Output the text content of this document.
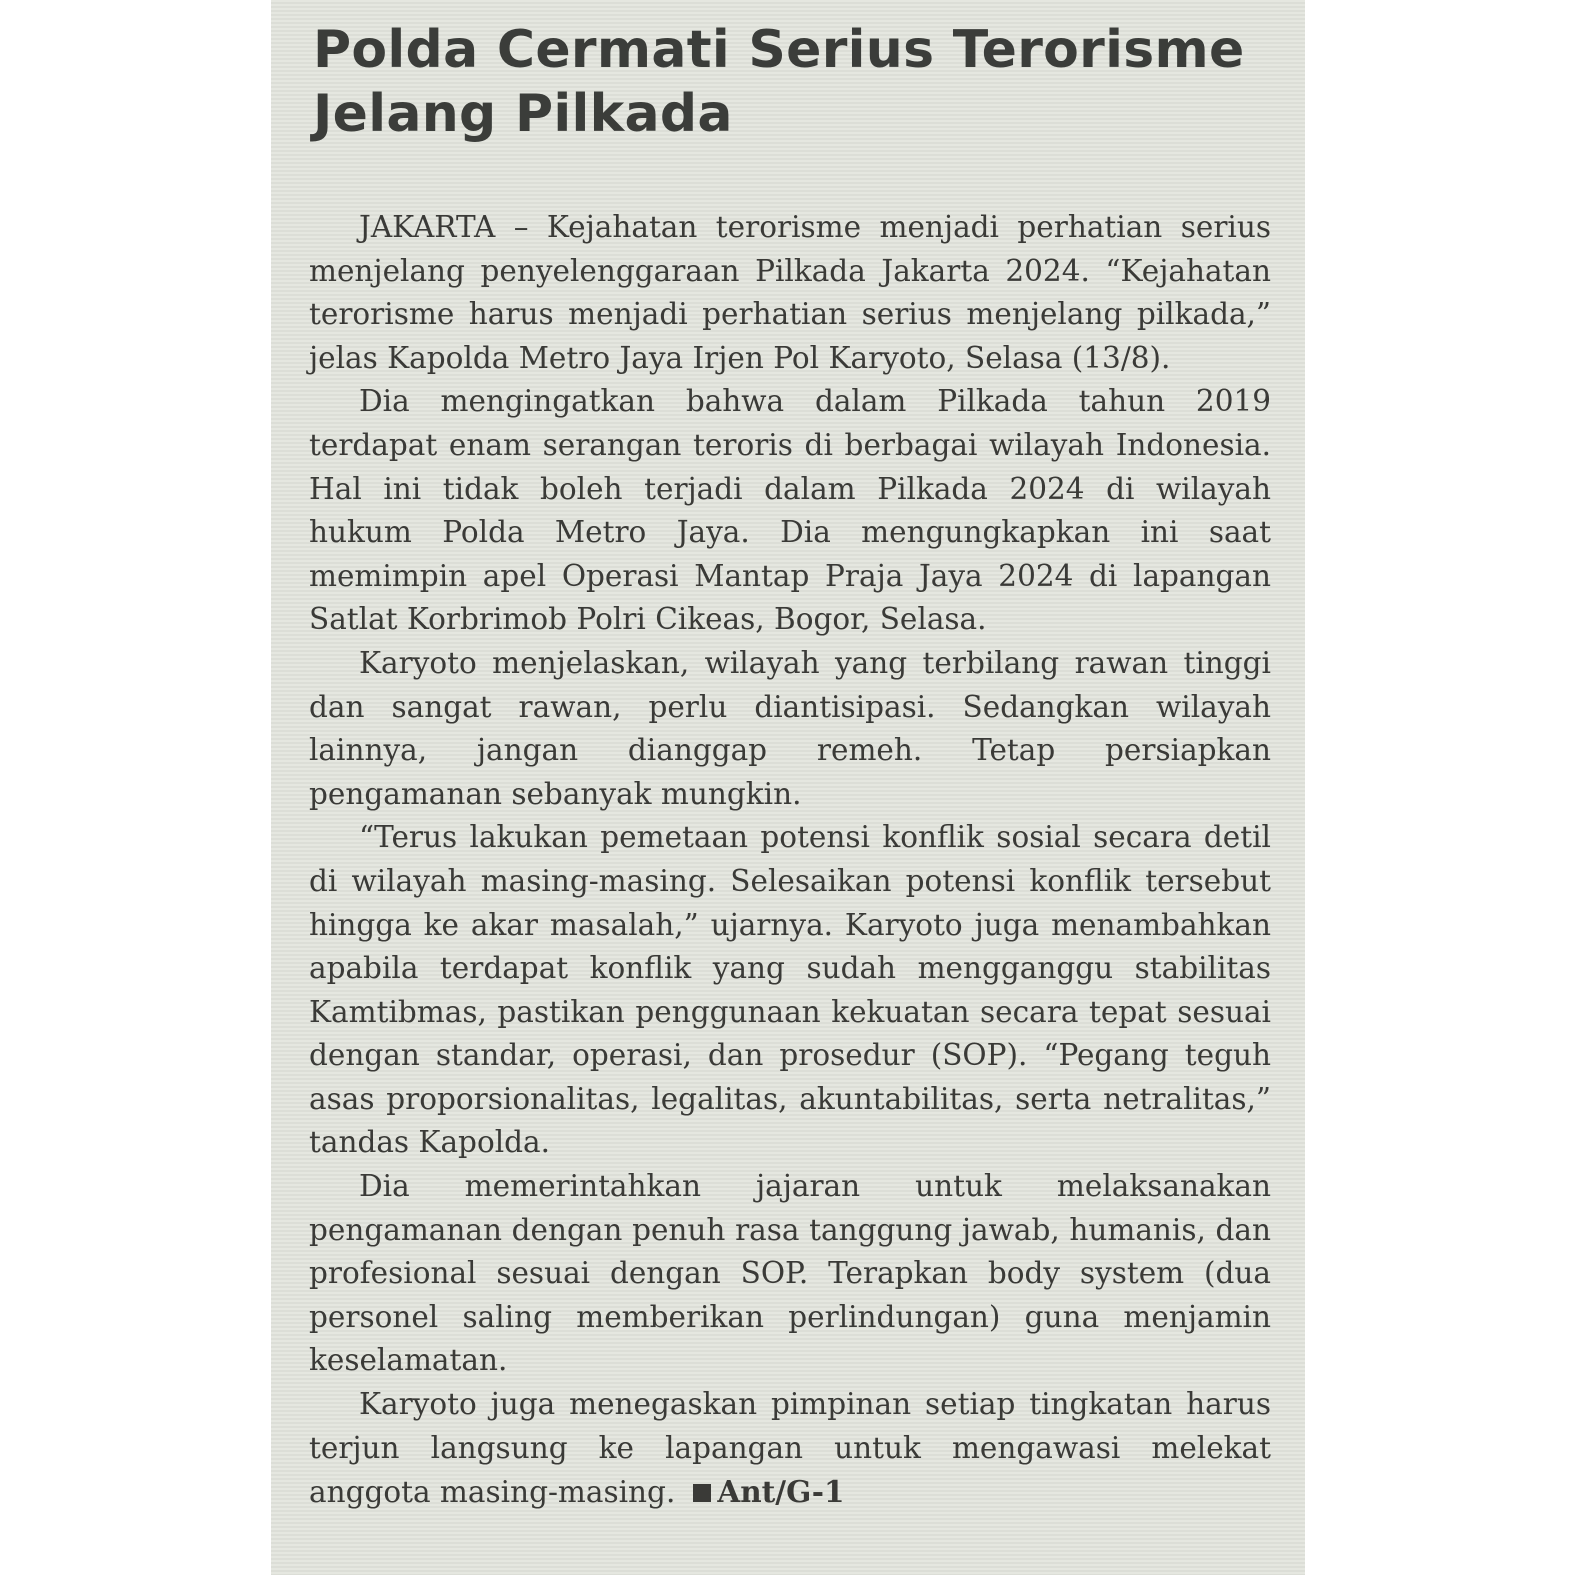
Polda Cermati Serius Terorisme Jelang Pilkada

JAKARTA – Kejahatan terorisme menjadi perhatian serius menjelang penyelenggaraan Pilkada Jakarta 2024. “Kejahatan terorisme harus menjadi perhatian serius menjelang pilkada,” jelas Kapolda Metro Jaya Irjen Pol Karyoto, Selasa (13/8).

Dia mengingatkan bahwa dalam Pilkada tahun 2019 terdapat enam serangan teroris di berbagai wilayah Indonesia. Hal ini tidak boleh terjadi dalam Pilkada 2024 di wilayah hukum Polda Metro Jaya. Dia mengungkapkan ini saat memimpin apel Operasi Mantap Praja Jaya 2024 di lapangan Satlat Korbrimob Polri Cikeas, Bogor, Selasa.

Karyoto menjelaskan, wilayah yang terbilang rawan tinggi dan sangat rawan, perlu diantisipasi. Sedangkan wilayah lainnya, jangan dianggap remeh. Tetap persiapkan pengamanan sebanyak mungkin.

“Terus lakukan pemetaan potensi konflik sosial secara detil di wilayah masing-masing. Selesaikan potensi konflik tersebut hingga ke akar masalah,” ujarnya. Karyoto juga menambahkan apabila terdapat konflik yang sudah mengganggu stabilitas Kamtibmas, pastikan penggunaan kekuatan secara tepat sesuai dengan standar, operasi, dan prosedur (SOP). “Pegang teguh asas proporsionalitas, legalitas, akuntabilitas, serta netralitas,” tandas Kapolda.

Dia memerintahkan jajaran untuk melaksanakan pengamanan dengan penuh rasa tanggung jawab, humanis, dan profesional sesuai dengan SOP. Terapkan body system (dua personel saling memberikan perlindungan) guna menjamin keselamatan.

Karyoto juga menegaskan pimpinan setiap tingkatan harus terjun langsung ke lapangan untuk mengawasi melekat anggota masing-masing. Ant/G-1
